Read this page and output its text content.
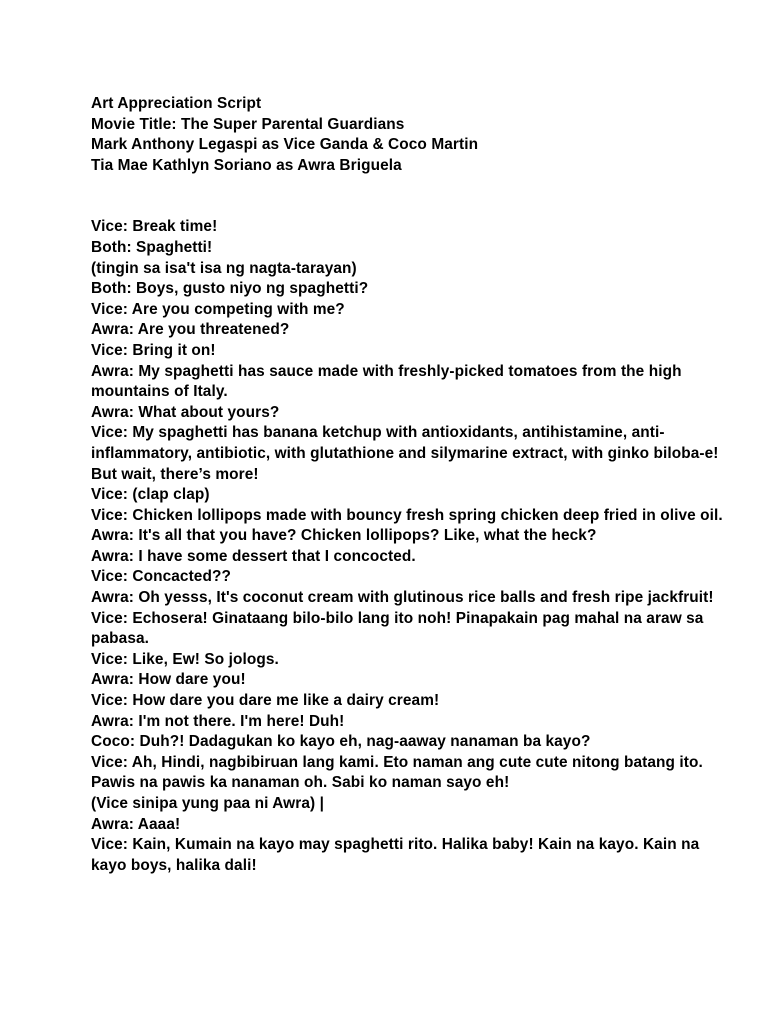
Art Appreciation Script
Movie Title: The Super Parental Guardians
Mark Anthony Legaspi as Vice Ganda & Coco Martin
Tia Mae Kathlyn Soriano as Awra Briguela
Vice: Break time!
Both: Spaghetti!
(tingin sa isa't isa ng nagta-tarayan)
Both: Boys, gusto niyo ng spaghetti?
Vice: Are you competing with me?
Awra: Are you threatened?
Vice: Bring it on!
Awra: My spaghetti has sauce made with freshly-picked tomatoes from the high mountains of Italy.
Awra: What about yours?
Vice: My spaghetti has banana ketchup with antioxidants, antihistamine, anti-inflammatory, antibiotic, with glutathione and silymarine extract, with ginko biloba-e! But wait, there’s more!
Vice: (clap clap)
Vice: Chicken lollipops made with bouncy fresh spring chicken deep fried in olive oil.
Awra: It's all that you have? Chicken lollipops? Like, what the heck?
Awra: I have some dessert that I concocted.
Vice: Concacted??
Awra: Oh yesss, It's coconut cream with glutinous rice balls and fresh ripe jackfruit!
Vice: Echosera! Ginataang bilo-bilo lang ito noh! Pinapakain pag mahal na araw sa pabasa.
Vice: Like, Ew! So jologs.
Awra: How dare you!
Vice: How dare you dare me like a dairy cream!
Awra: I'm not there. I'm here! Duh!
Coco: Duh?! Dadagukan ko kayo eh, nag-aaway nanaman ba kayo?
Vice: Ah, Hindi, nagbibiruan lang kami. Eto naman ang cute cute nitong batang ito. Pawis na pawis ka nanaman oh. Sabi ko naman sayo eh!
(Vice sinipa yung paa ni Awra) |
Awra: Aaaa!
Vice: Kain, Kumain na kayo may spaghetti rito. Halika baby! Kain na kayo. Kain na kayo boys, halika dali!
